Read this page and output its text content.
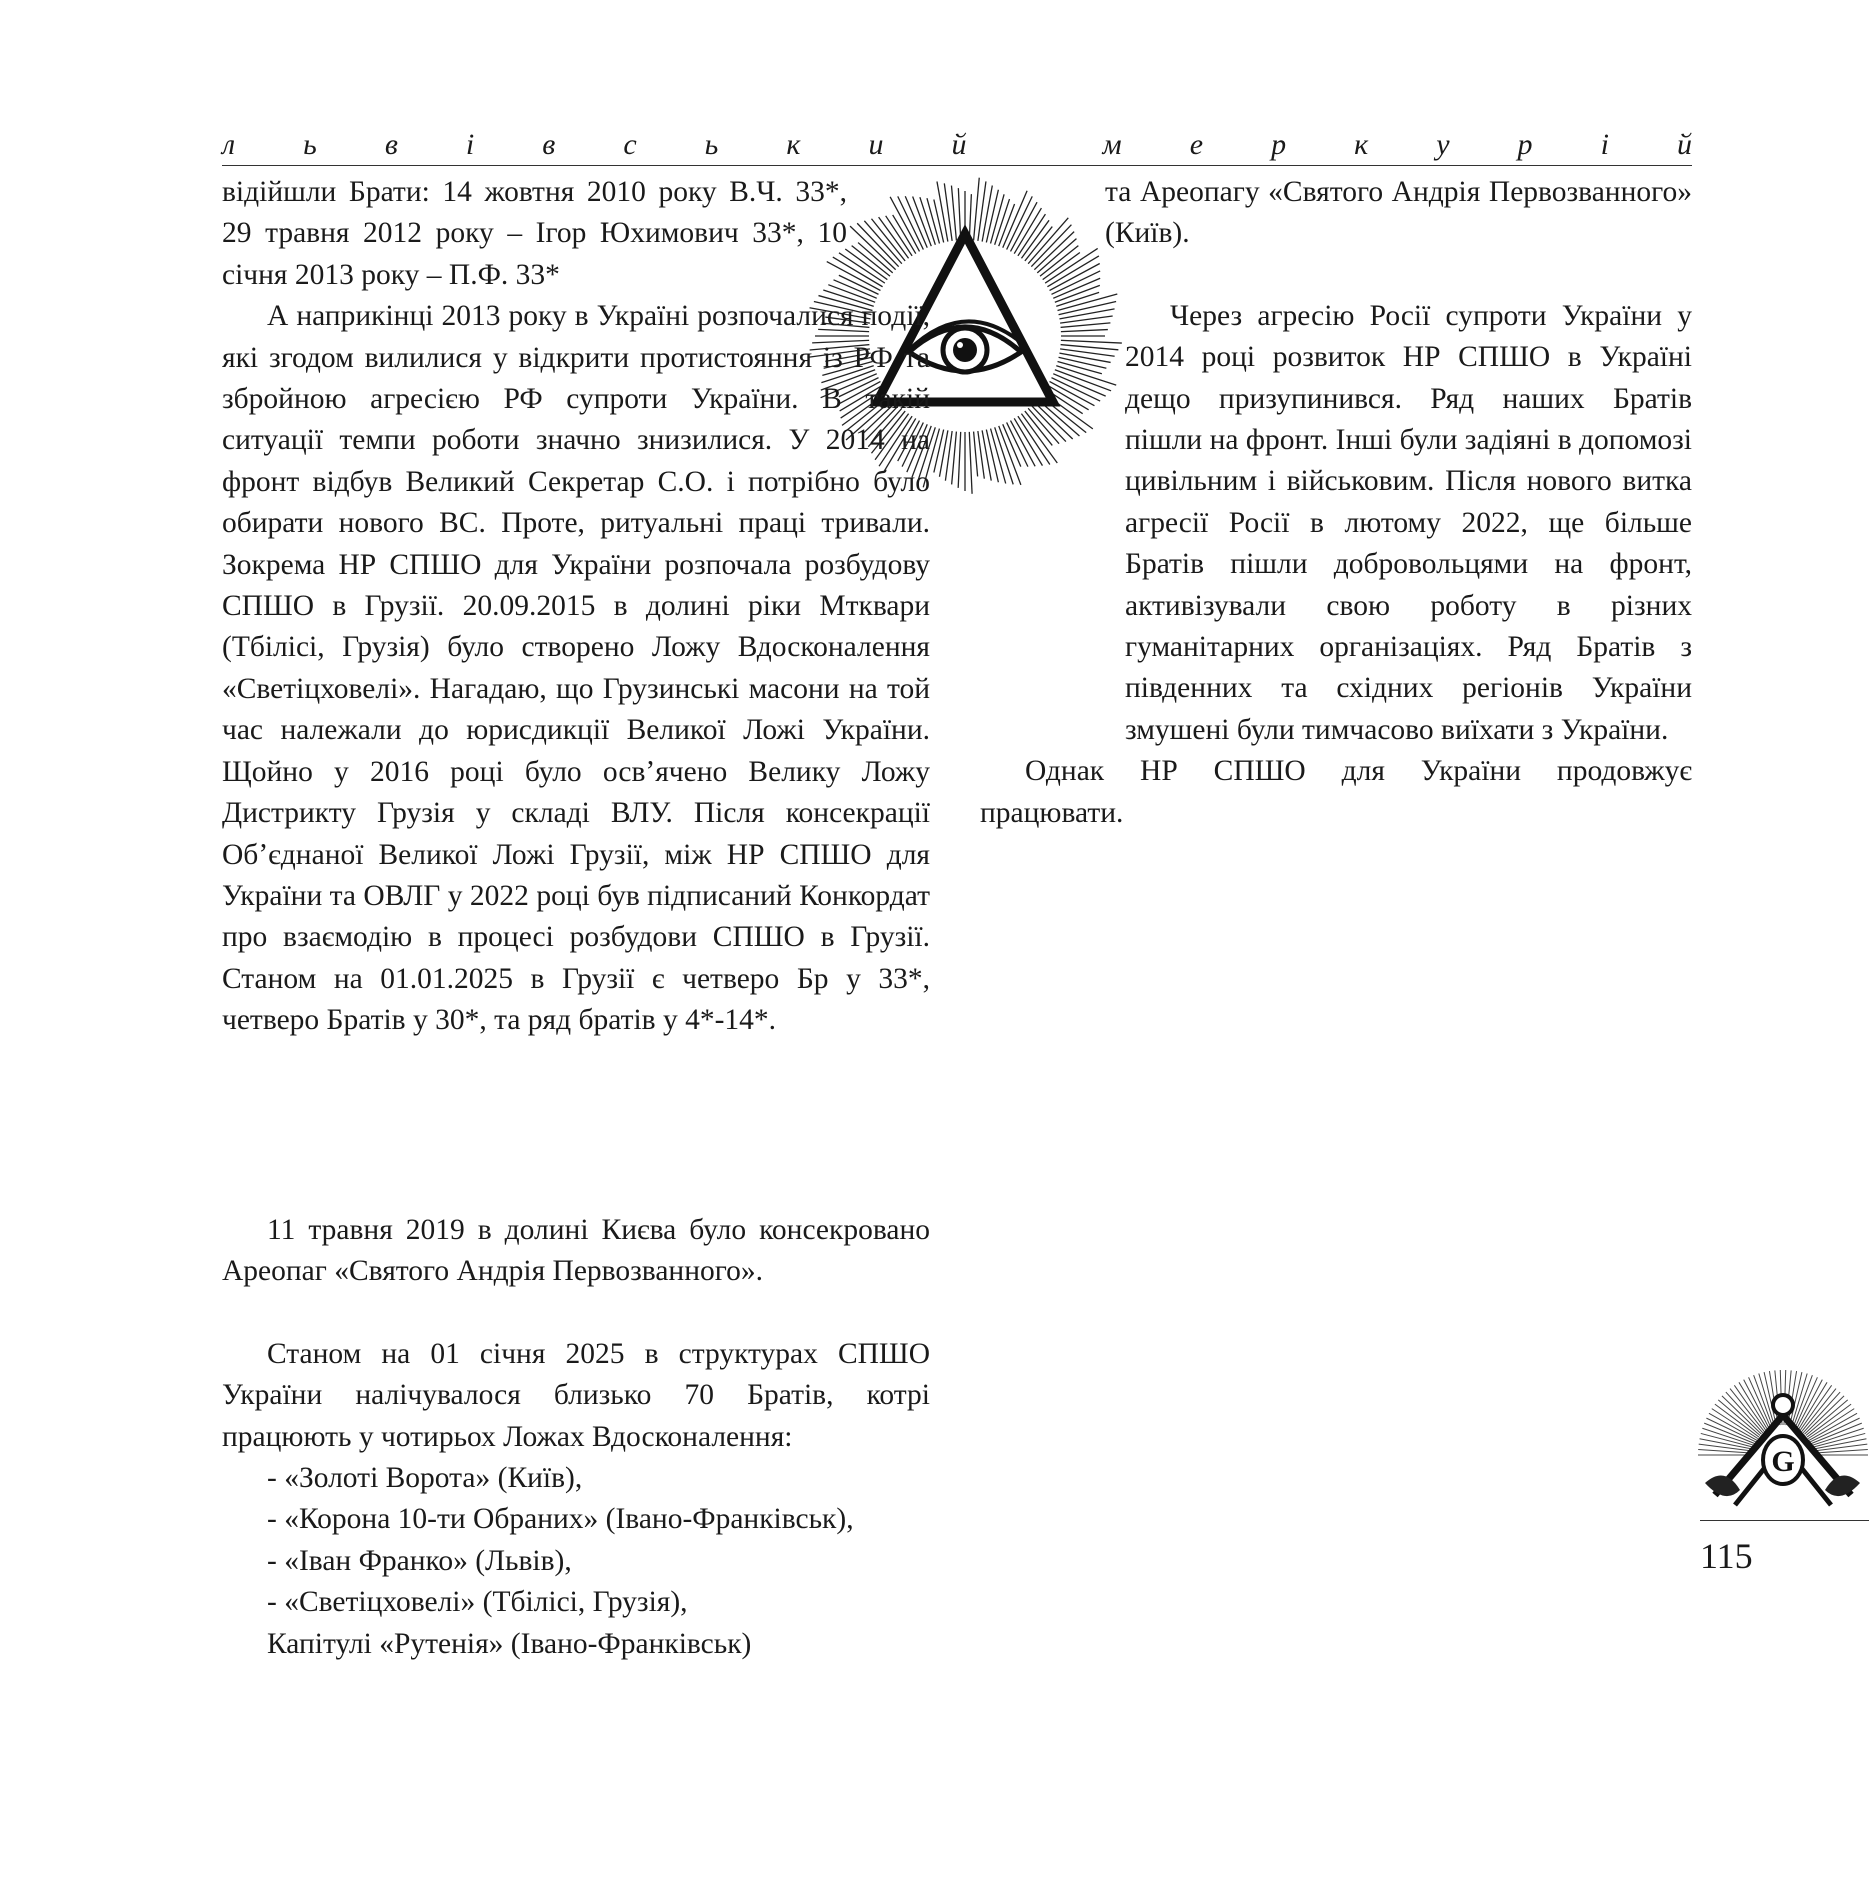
л ь в і в с ь к и й	м е р к у р і й

відійшли Брати: 14 жовтня 2010 року В.Ч. 33*, 29 травня 2012 року – Ігор Юхимович 33*, 10 січня 2013 року – П.Ф. 33*

А наприкінці 2013 року в Україні розпочалися події, які згодом вилилися у відкрити протистояння із РФ та збройною агресією РФ супроти України. В такій ситуації темпи роботи значно знизилися. У 2014 на фронт відбув Великий Секретар С.О. і потрібно було обирати нового ВС. Проте, ритуальні праці тривали. Зокрема НР СПШО для України розпочала розбудову СПШО в Грузії. 20.09.2015 в долині ріки Мтквари (Тбілісі, Грузія) було створено Ложу Вдосконалення «Светіцховелі». Нагадаю, що Грузинські масони на той час належали до юрисдикції Великої Ложі України. Щойно у 2016 році було освʼячено Велику Ложу Дистрикту Грузія у складі ВЛУ. Після консекрації Обʼєднаної Великої Ложі Грузії, між НР СПШО для України та ОВЛГ у 2022 році був підписаний Конкордат про взаємодію в процесі розбудови СПШО в Грузії. Станом на 01.01.2025 в Грузії є четверо Бр у 33*, четверо Братів у 30*, та ряд братів у 4*-14*.

та Ареопагу «Святого Андрія Первозванного» (Київ).

Через агресію Росії супроти України у 2014 році розвиток НР СПШО в Україні дещо призупинився. Ряд наших Братів пішли на фронт. Інші були задіяні в допомозі цивільним і військовим. Після нового витка агресії Росії в лютому 2022, ще більше Братів пішли добровольцями на фронт, активізували свою роботу в різних гуманітарних організаціях. Ряд Братів з південних та східних регіонів України змушені були тимчасово виїхати з України.

Однак НР СПШО для України продовжує працювати.

11 травня 2019 в долині Києва було консекровано Ареопаг «Святого Андрія Первозванного».

Станом на 01 січня 2025 в структурах СПШО України налічувалося близько 70 Братів, котрі працюють у чотирьох Ложах Вдосконалення:

- «Золоті Ворота» (Київ),

- «Корона 10-ти Обраних» (Івано-Франківськ),

- «Іван Франко» (Львів),

- «Светіцховелі» (Тбілісі, Грузія),

Капітулі «Рутенія» (Івано-Франківськ)

G
115
